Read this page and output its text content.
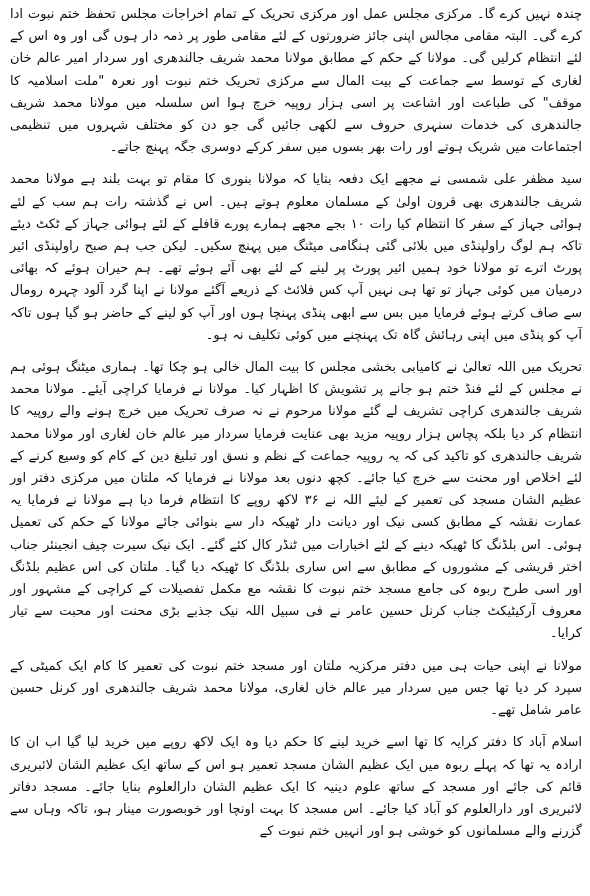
چندہ نہیں کرے گا۔ مرکزی مجلس عمل اور مرکزی تحریک کے تمام اخراجات مجلس تحفظ ختم نبوت ادا کرے گی۔ البتہ مقامی مجالس اپنی جائز ضرورتوں کے لئے مقامی طور پر ذمہ دار ہوں گی اور وہ اس کے لئے انتظام کرلیں گی۔ مولانا کے حکم کے مطابق مولانا محمد شریف جالندھری اور سردار امیر عالم خان لغاری کے توسط سے جماعت کے بیت المال سے مرکزی تحریک ختم نبوت اور نعرہ "ملت اسلامیہ کا موقف" کی طباعت اور اشاعت پر اسی ہزار روپیہ خرچ ہوا اس سلسلہ میں مولانا محمد شریف جالندھری کی خدمات سنہری حروف سے لکھی جائیں گی جو دن کو مختلف شہروں میں تنظیمی اجتماعات میں شریک ہوتے اور رات بھر بسوں میں سفر کرکے دوسری جگہ پہنچ جاتے۔

سید مظفر علی شمسی نے مجھے ایک دفعہ بتایا کہ مولانا بنوری کا مقام تو بہت بلند ہے مولانا محمد شریف جالندھری بھی قرون اولیٰ کے مسلمان معلوم ہوتے ہیں۔ اس نے گذشتہ رات ہم سب کے لئے ہوائی جہاز کے سفر کا انتظام کیا رات ۱۰ بجے مجھے ہمارے پورے قافلے کے لئے ہوائی جہاز کے ٹکٹ دیئے تاکہ ہم لوگ راولپنڈی میں بلائی گئی ہنگامی میٹنگ میں پہنچ سکیں۔ لیکن جب ہم صبح راولپنڈی ائیر پورٹ اترے تو مولانا خود ہمیں ائیر پورٹ پر لینے کے لئے بھی آئے ہوئے تھے۔ ہم حیران ہوئے کہ بھائی درمیان میں کوئی جہاز تو تھا ہی نہیں آپ کس فلائٹ کے ذریعے آگئے مولانا نے اپنا گرد آلود چہرہ رومال سے صاف کرتے ہوئے فرمایا میں بس سے ابھی پنڈی پہنچا ہوں اور آپ کو لینے کے حاضر ہو گیا ہوں تاکہ آپ کو پنڈی میں اپنی رہائش گاہ تک پہنچنے میں کوئی تکلیف نہ ہو۔

تحریک میں اللہ تعالیٰ نے کامیابی بخشی مجلس کا بیت المال خالی ہو چکا تھا۔ ہماری میٹنگ ہوئی ہم نے مجلس کے لئے فنڈ ختم ہو جانے پر تشویش کا اظہار کیا۔ مولانا نے فرمایا کراچی آیئے۔ مولانا محمد شریف جالندھری کراچی تشریف لے گئے مولانا مرحوم نے نہ صرف تحریک میں خرچ ہونے والے روپیہ کا انتظام کر دیا بلکہ پچاس ہزار روپیہ مزید بھی عنایت فرمایا سردار میر عالم خان لغاری اور مولانا محمد شریف جالندھری کو تاکید کی کہ یہ روپیہ جماعت کے نظم و نسق اور تبلیغ دین کے کام کو وسیع کرنے کے لئے اخلاص اور محنت سے خرچ کیا جائے۔ کچھ دنوں بعد مولانا نے فرمایا کہ ملتان میں مرکزی دفتر اور عظیم الشان مسجد کی تعمیر کے لیئے اللہ نے ۳۶ لاکھ روپے کا انتظام فرما دیا ہے مولانا نے فرمایا یہ عمارت نقشہ کے مطابق کسی نیک اور دیانت دار ٹھیکہ دار سے بنوائی جائے مولانا کے حکم کی تعمیل ہوئی۔ اس بلڈنگ کا ٹھیکہ دینے کے لئے اخبارات میں ٹنڈر کال کئے گئے۔ ایک نیک سیرت چیف انجینئر جناب اختر قریشی کے مشوروں کے مطابق سے اس ساری بلڈنگ کا ٹھیکہ دیا گیا۔ ملتان کی اس عظیم بلڈنگ اور اسی طرح ربوہ کی جامع مسجد ختم نبوت کا نقشہ مع مکمل تفصیلات کے کراچی کے مشہور اور معروف آرکیٹیکٹ جناب کرنل حسین عامر نے فی سبیل اللہ نیک جذبے بڑی محنت اور محبت سے تیار کرایا۔

مولانا نے اپنی حیات ہی میں دفتر مرکزیہ ملتان اور مسجد ختم نبوت کی تعمیر کا کام ایک کمیٹی کے سپرد کر دیا تھا جس میں سردار میر عالم خاں لغاری، مولانا محمد شریف جالندھری اور کرنل حسین عامر شامل تھے۔

اسلام آباد کا دفتر کرایہ کا تھا اسے خرید لینے کا حکم دیا وہ ایک لاکھ روپے میں خرید لیا گیا اب ان کا ارادہ یہ تھا کہ پہلے ربوہ میں ایک عظیم الشان مسجد تعمیر ہو اس کے ساتھ ایک عظیم الشان لائبریری قائم کی جائے اور مسجد کے ساتھ علوم دینیہ کا ایک عظیم الشان دارالعلوم بنایا جائے۔ مسجد دفاتر لائبریری اور دارالعلوم کو آباد کیا جائے۔ اس مسجد کا بہت اونچا اور خوبصورت مینار ہو، تاکہ وہاں سے گزرنے والے مسلمانوں کو خوشی ہو اور انہیں ختم نبوت کے
